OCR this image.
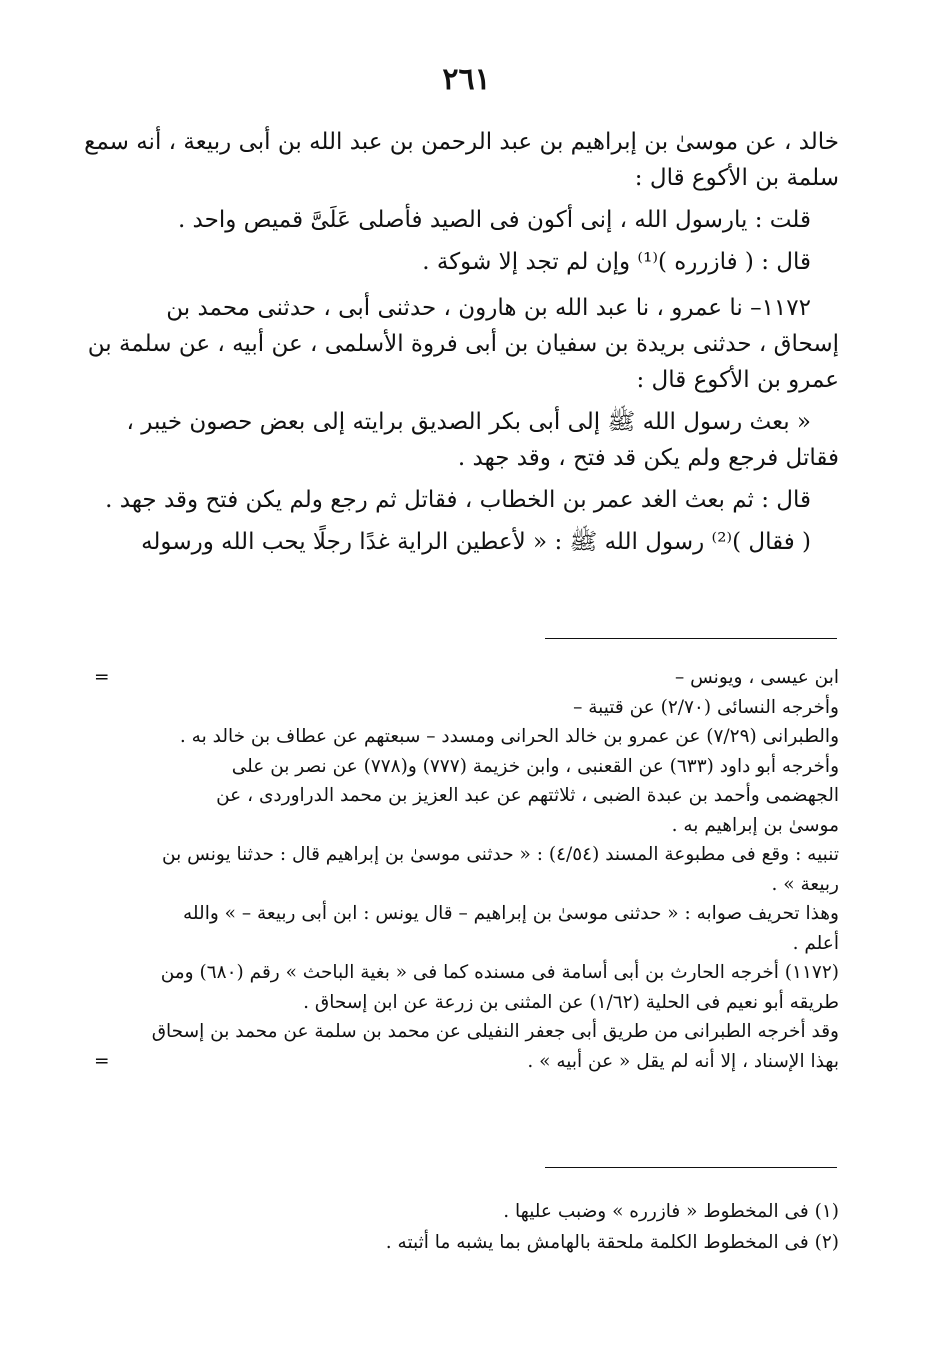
٢٦١

خالد ، عن موسىٰ بن إبراهيم بن عبد الرحمن بن عبد الله بن أبى ربيعة ، أنه سمع

سلمة بن الأكوع قال :

قلت : يارسول الله ، إنى أكون فى الصيد فأصلى عَلَىَّ قميص واحد .

قال : ( فازرره )⁽¹⁾ وإن لم تجد إلا شوكة .

١١٧٢– نا عمرو ، نا عبد الله بن هارون ، حدثنى أبى ، حدثنى محمد بن

إسحاق ، حدثنى بريدة بن سفيان بن أبى فروة الأسلمى ، عن أبيه ، عن سلمة بن

عمرو بن الأكوع قال :

« بعث رسول الله ﷺ إلى أبى بكر الصديق برايته إلى بعض حصون خيبر ،

فقاتل فرجع ولم يكن قد فتح ، وقد جهد .

قال : ثم بعث الغد عمر بن الخطاب ، فقاتل ثم رجع ولم يكن فتح وقد جهد .

( فقال )⁽²⁾ رسول الله ﷺ : « لأعطين الراية غدًا رجلًا يحب الله ورسوله

=	ابن عيسى ، ويونس –

وأخرجه النسائى (٢/٧٠) عن قتيبة –

والطبرانى (٧/٢٩) عن عمرو بن خالد الحرانى ومسدد – سبعتهم عن عطاف بن خالد به .

وأخرجه أبو داود (٦٣٣) عن القعنبى ، وابن خزيمة (٧٧٧) و(٧٧٨) عن نصر بن على

الجهضمى وأحمد بن عبدة الضبى ، ثلاثتهم عن عبد العزيز بن محمد الدراوردى ، عن

موسىٰ بن إبراهيم به .

تنبيه : وقع فى مطبوعة المسند (٤/٥٤) : « حدثنى موسىٰ بن إبراهيم قال : حدثنا يونس بن

ربيعة » .

وهذا تحريف صوابه : « حدثنى موسىٰ بن إبراهيم – قال يونس : ابن أبى ربيعة – » والله

أعلم .

(١١٧٢) أخرجه الحارث بن أبى أسامة فى مسنده كما فى « بغية الباحث » رقم (٦٨٠) ومن

طريقه أبو نعيم فى الحلية (١/٦٢) عن المثنى بن زرعة عن ابن إسحاق .

وقد أخرجه الطبرانى من طريق أبى جعفر النفيلى عن محمد بن سلمة عن محمد بن إسحاق

=	بهذا الإسناد ، إلا أنه لم يقل « عن أبيه » .

(١) فى المخطوط « فازرره » وضبب عليها .

(٢) فى المخطوط الكلمة ملحقة بالهامش بما يشبه ما أثبته .
